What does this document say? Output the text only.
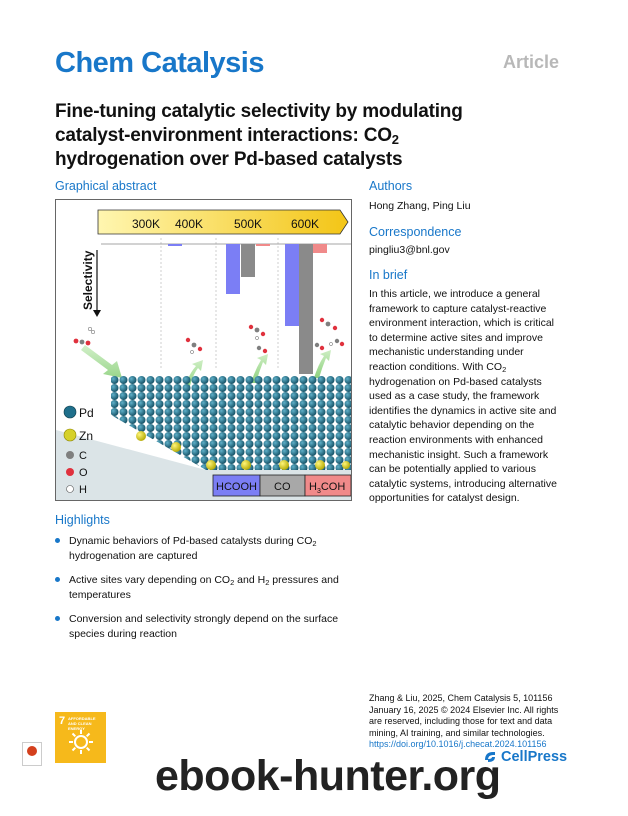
Chem Catalysis	Article
Fine-tuning catalytic selectivity by modulating
catalyst-environment interactions: $CO_2$
hydrogenation over Pd-based catalysts
Graphical abstract
300K 400K	500K 600K
Selectivity
Pd
Zn
C
O
H	HCOOH CO $H_3COH$
Authors
Hong Zhang, Ping Liu
Correspondence
pingliu3@bnl.gov
In brief
In this article, we introduce a general
framework to capture catalyst-reactive
environment interaction, which is critical
to determine active sites and improve
mechanistic understanding under
reaction conditions. With $CO_2$
hydrogenation on Pd-based catalysts
used as a case study, the framework
identifies the dynamics in active site and
catalytic behavior depending on the
reaction environments with enhanced
mechanistic insight. Such a framework
can be potentially applied to various
catalytic systems, introducing alternative
opportunities for catalyst design.
Highlights
Dynamic behaviors of Pd-based catalysts during $CO_2$
hydrogenation are captured
Active sites vary depending on $CO_2$ and $H_2$ pressures and
temperatures
Conversion and selectivity strongly depend on the surface
species during reaction
Zhang & Liu, 2025, Chem Catalysis 5, 101156
January 16, 2025 © 2024 Elsevier Inc. All rights
are reserved, including those for text and data
mining, AI training, and similar technologies.
https://doi.org/10.1016/j.checat.2024.101156
CellPress
7 AFFORDABLE AND CLEAN ENERGY
ebook-hunter.org
